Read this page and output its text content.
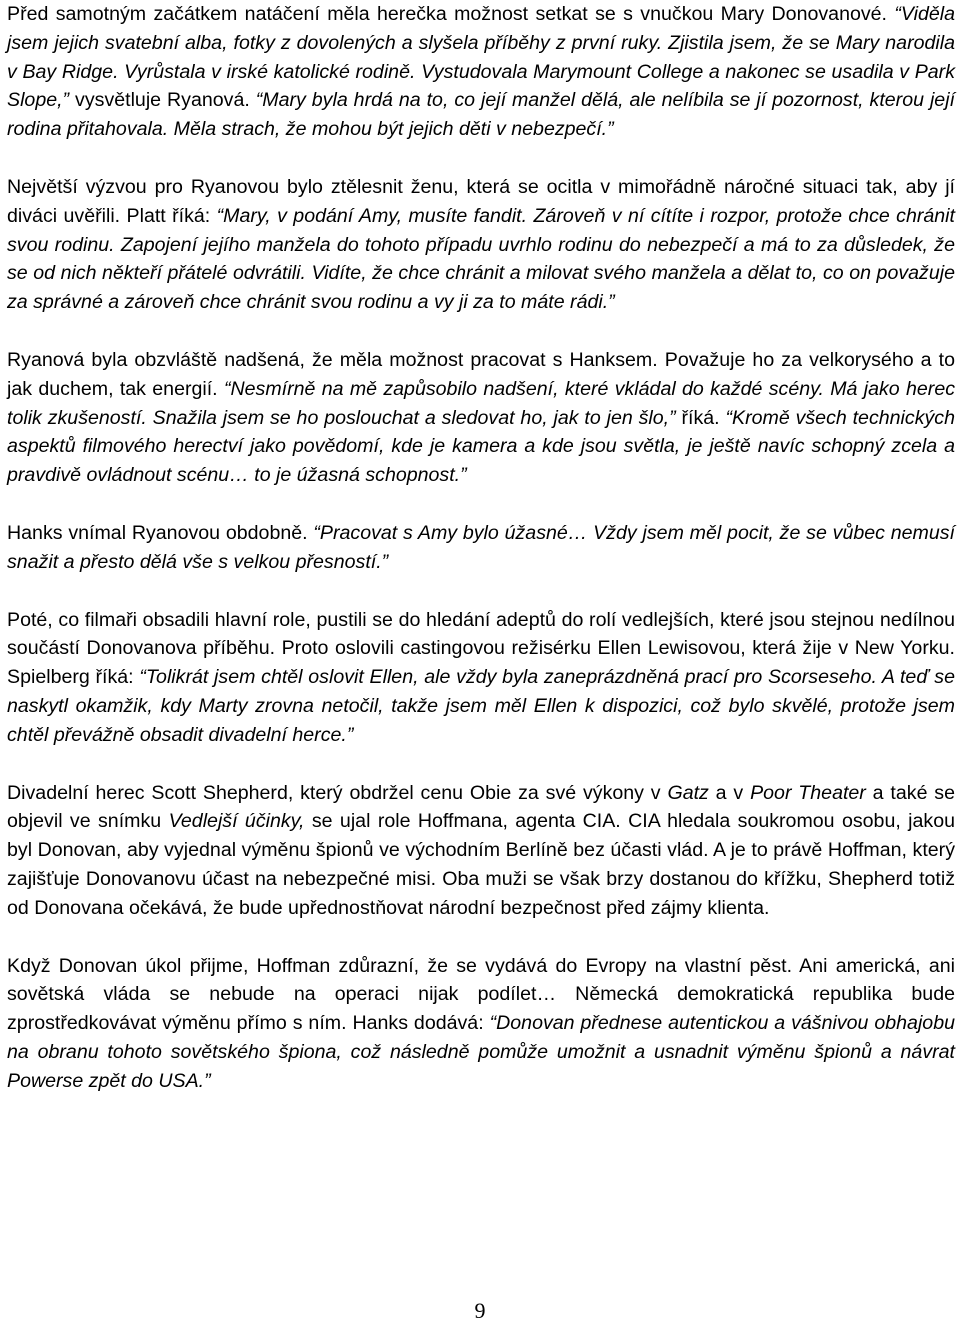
Před samotným začátkem natáčení měla herečka možnost setkat se s vnučkou Mary Donovanové. “Viděla jsem jejich svatební alba, fotky z dovolených a slyšela příběhy z první ruky. Zjistila jsem, že se Mary narodila v Bay Ridge. Vyrůstala v irské katolické rodině. Vystudovala Marymount College a nakonec se usadila v Park Slope,” vysvětluje Ryanová. “Mary byla hrdá na to, co její manžel dělá, ale nelíbila se jí pozornost, kterou její rodina přitahovala. Měla strach, že mohou být jejich děti v nebezpečí.”

Největší výzvou pro Ryanovou bylo ztělesnit ženu, která se ocitla v mimořádně náročné situaci tak, aby jí diváci uvěřili. Platt říká: “Mary, v podání Amy, musíte fandit. Zároveň v ní cítíte i rozpor, protože chce chránit svou rodinu. Zapojení jejího manžela do tohoto případu uvrhlo rodinu do nebezpečí a má to za důsledek, že se od nich někteří přátelé odvrátili. Vidíte, že chce chránit a milovat svého manžela a dělat to, co on považuje za správné a zároveň chce chránit svou rodinu a vy ji za to máte rádi.”

Ryanová byla obzvláště nadšená, že měla možnost pracovat s Hanksem. Považuje ho za velkorysého a to jak duchem, tak energií. “Nesmírně na mě zapůsobilo nadšení, které vkládal do každé scény. Má jako herec tolik zkušeností. Snažila jsem se ho poslouchat a sledovat ho, jak to jen šlo,” říká. “Kromě všech technických aspektů filmového herectví jako povědomí, kde je kamera a kde jsou světla, je ještě navíc schopný zcela a pravdivě ovládnout scénu… to je úžasná schopnost.”

Hanks vnímal Ryanovou obdobně. “Pracovat s Amy bylo úžasné… Vždy jsem měl pocit, že se vůbec nemusí snažit a přesto dělá vše s velkou přesností.”

Poté, co filmaři obsadili hlavní role, pustili se do hledání adeptů do rolí vedlejších, které jsou stejnou nedílnou součástí Donovanova příběhu. Proto oslovili castingovou režisérku Ellen Lewisovou, která žije v New Yorku. Spielberg říká: “Tolikrát jsem chtěl oslovit Ellen, ale vždy byla zaneprázdněná prací pro Scorseseho. A teď se naskytl okamžik, kdy Marty zrovna netočil, takže jsem měl Ellen k dispozici, což bylo skvělé, protože jsem chtěl převážně obsadit divadelní herce.”

Divadelní herec Scott Shepherd, který obdržel cenu Obie za své výkony v Gatz a v Poor Theater a také se objevil ve snímku Vedlejší účinky, se ujal role Hoffmana, agenta CIA. CIA hledala soukromou osobu, jakou byl Donovan, aby vyjednal výměnu špionů ve východním Berlíně bez účasti vlád. A je to právě Hoffman, který zajišťuje Donovanovu účast na nebezpečné misi. Oba muži se však brzy dostanou do křížku, Shepherd totiž od Donovana očekává, že bude upřednostňovat národní bezpečnost před zájmy klienta.

Když Donovan úkol přijme, Hoffman zdůrazní, že se vydává do Evropy na vlastní pěst. Ani americká, ani sovětská vláda se nebude na operaci nijak podílet… Německá demokratická republika bude zprostředkovávat výměnu přímo s ním. Hanks dodává: “Donovan přednese autentickou a vášnivou obhajobu na obranu tohoto sovětského špiona, což následně pomůže umožnit a usnadnit výměnu špionů a návrat Powerse zpět do USA.”

9
